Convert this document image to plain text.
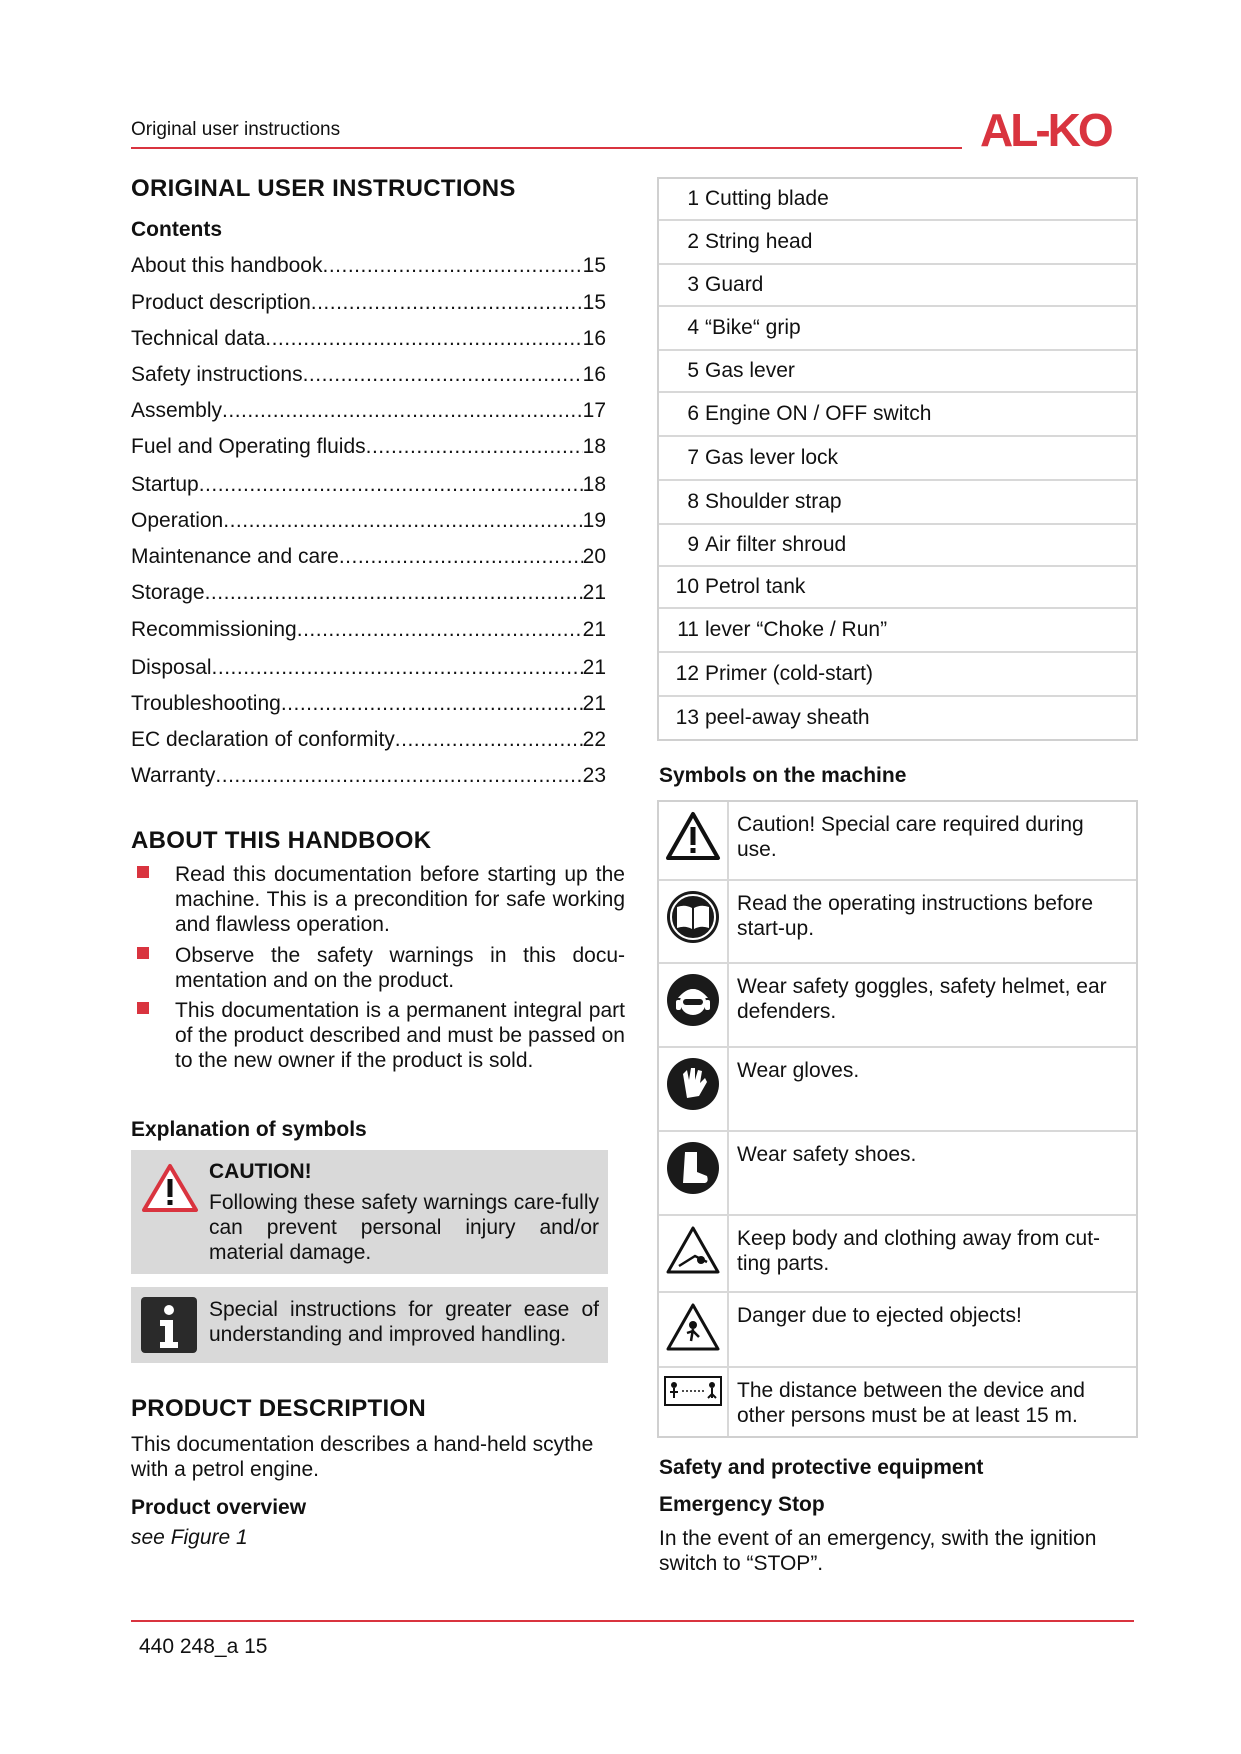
Original user instructions	AL-KO
ORIGINAL USER INSTRUCTIONS
Contents
About this handbook .....	15
Product description .....	15
Technical data .....	16
Safety instructions .....	16
Assembly .....	17
Fuel and Operating fluids .....	18
Startup .....	18
Operation .....	19
Maintenance and care .....	20
Storage .....	21
Recommissioning .....	21
Disposal .....	21
Troubleshooting .....	21
EC declaration of conformity .....	22
Warranty .....	23
ABOUT THIS HANDBOOK
Read this documentation before starting up the machine. This is a precondition for safe working and flawless operation.
Observe the safety warnings in this docu-mentation and on the product.
This documentation is a permanent integral part of the product described and must be passed on to the new owner if the product is sold.
Explanation of symbols
CAUTION!
Following these safety warnings care-fully can prevent personal injury and/or material damage.
Special instructions for greater ease of understanding and improved handling.
PRODUCT DESCRIPTION
This documentation describes a hand-held scythe with a petrol engine.
Product overview
see Figure 1
1 Cutting blade
2 String head
3 Guard
4 “Bike“ grip
5 Gas lever
6 Engine ON / OFF switch
7 Gas lever lock
8 Shoulder strap
9 Air filter shroud
10 Petrol tank
11 lever “Choke / Run”
12 Primer (cold-start)
13 peel-away sheath
Symbols on the machine
Caution! Special care required during use.
Read the operating instructions before start-up.
Wear safety goggles, safety helmet, ear defenders.
Wear gloves.
Wear safety shoes.
Keep body and clothing away from cut-ting parts.
Danger due to ejected objects!
The distance between the device and other persons must be at least 15 m.
Safety and protective equipment
Emergency Stop
In the event of an emergency, swith the ignition switch to “STOP”.
440 248_a 15
